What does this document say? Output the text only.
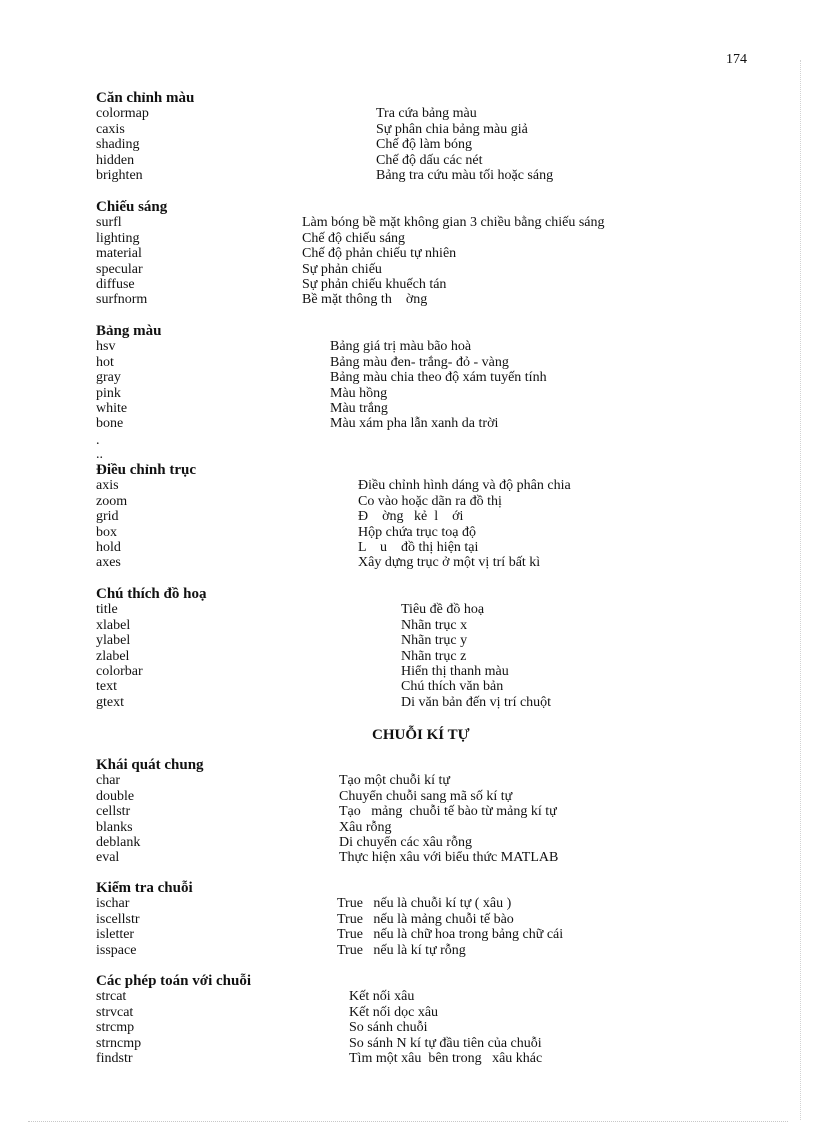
174
Căn chỉnh màu
colormap	Tra cứa bảng màu
caxis	Sự phân chia bảng màu giả
shading	Chế độ làm bóng
hidden	Chế độ dấu các nét
brighten	Bảng tra cứu màu tối hoặc sáng
Chiếu sáng
surfl	Làm bóng bề mặt không gian 3 chiều bằng chiếu sáng
lighting	Chế độ chiếu sáng
material	Chế độ phản chiếu tự nhiên
specular	Sự phản chiếu
diffuse	Sự phản chiếu khuếch tán
surfnorm	Bề mặt thông th    ờng
Bảng màu
hsv	Bảng giá trị màu bão hoà
hot	Bảng màu đen- trắng- đỏ - vàng
gray	Bảng màu chia theo độ xám tuyến tính
pink	Màu hồng
white	Màu trắng
bone	Màu xám pha lẫn xanh da trời
.
..
Điều chỉnh trục
axis	Điều chỉnh hình dáng và độ phân chia
zoom	Co vào hoặc dãn ra đồ thị
grid	Đ    ờng   kẻ  l    ới
box	Hộp chứa trục toạ độ
hold	L    u    đồ thị hiện tại
axes	Xây dựng trục ở một vị trí bất kì
Chú thích đồ hoạ
title	Tiêu đề đồ hoạ
xlabel	Nhãn trục x
ylabel	Nhãn trục y
zlabel	Nhãn trục z
colorbar	Hiển thị thanh màu
text	Chú thích văn bản
gtext	Di văn bản đến vị trí chuột
CHUỖI KÍ TỰ
Khái quát chung
char	Tạo một chuỗi kí tự
double	Chuyển chuỗi sang mã số kí tự
cellstr	Tạo   mảng  chuỗi tế bào từ mảng kí tự
blanks	Xâu rỗng
deblank	Di chuyển các xâu rỗng
eval	Thực hiện xâu với biểu thức MATLAB
Kiểm tra chuỗi
ischar	True   nếu là chuỗi kí tự ( xâu )
iscellstr	True   nếu là mảng chuỗi tế bào
isletter	True   nếu là chữ hoa trong bảng chữ cái
isspace	True   nếu là kí tự rỗng
Các phép toán với chuỗi
strcat	Kết nối xâu
strvcat	Kết nối dọc xâu
strcmp	So sánh chuỗi
strncmp	So sánh N kí tự đầu tiên của chuỗi
findstr	Tìm một xâu  bên trong   xâu khác
